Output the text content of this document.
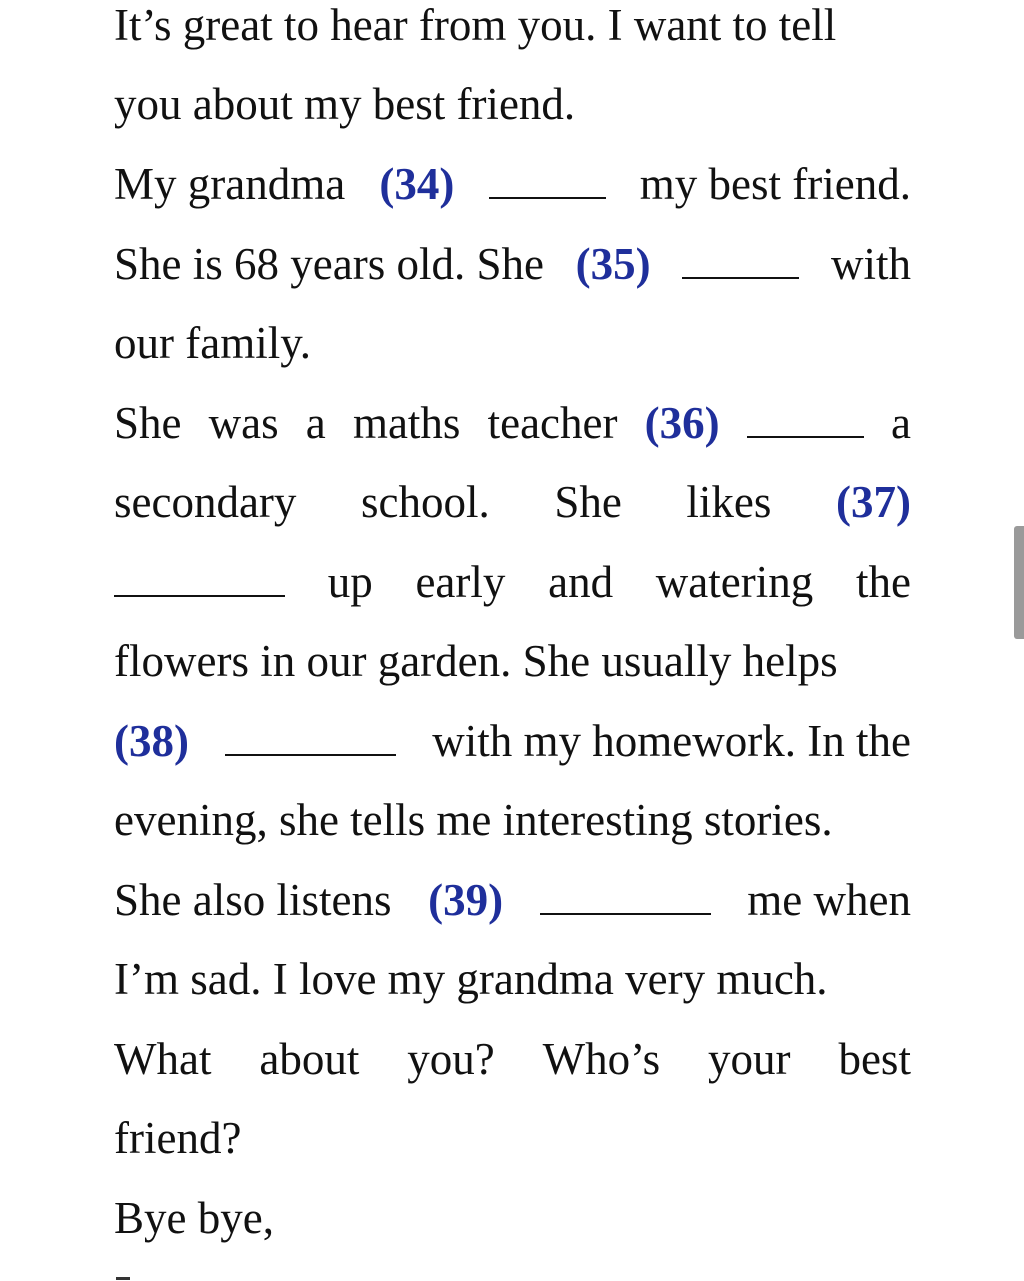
It’s great to hear from you. I want to tell
you about my best friend.
My grandma (34)	my best friend.
She is 68 years old. She (35)	with
our family.
She was a maths teacher (36)	a
secondary school. She likes (37)
up early and watering the
flowers in our garden. She usually helps
(38)	with my homework. In the
evening, she tells me interesting stories.
She also listens (39)	me when
I’m sad. I love my grandma very much.
What about you? Who’s your best
friend?
Bye bye,
